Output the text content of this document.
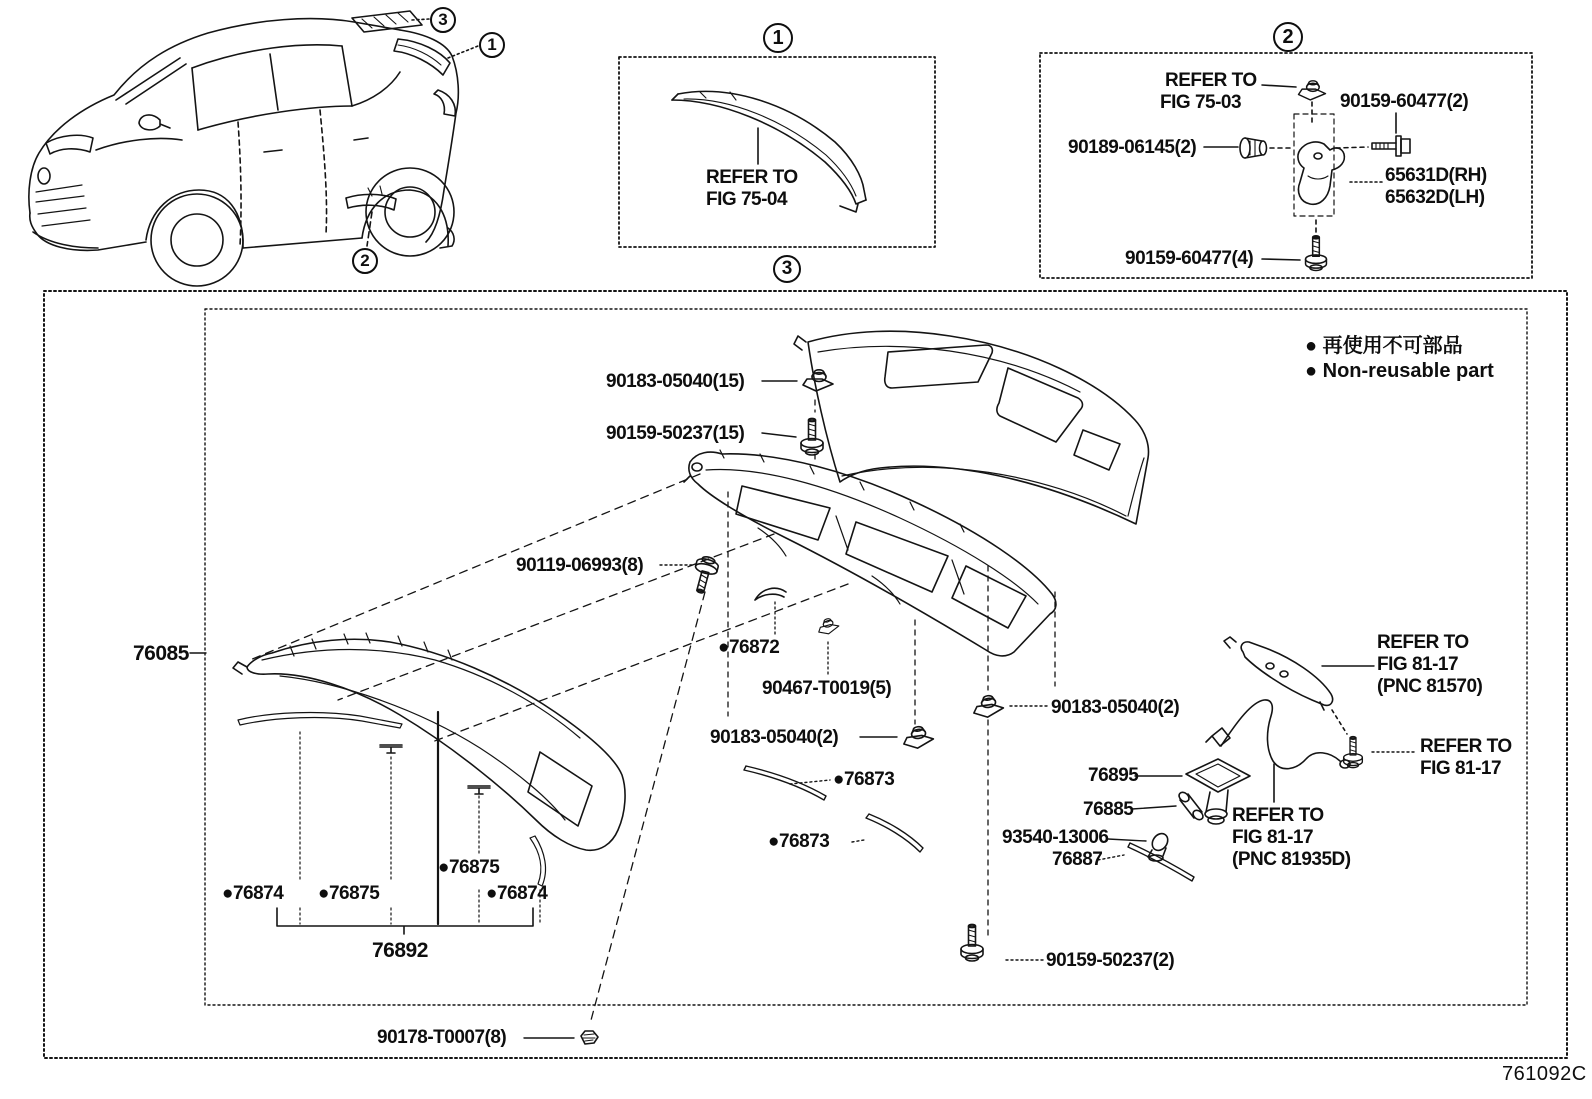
3
1
2
1	2
3
● 再使用不可部品
● Non-reusable part
REFER TO
FIG 75-04
REFER TO
FIG 75-03	90159-60477(2)
90189-06145(2)
65631D(RH)
65632D(LH)
90159-60477(4)
90183-05040(15)
90159-50237(15)
90119-06993(8)
76085	●76872
90467-T0019(5)
90183-05040(2)
90183-05040(2)
●76873
●76873
●76874 ●76875
●76875
●76874
76892
REFER TO
FIG 81-17
(PNC 81570)
REFER TO
FIG 81-17
76895
76885
93540-13006
76887
REFER TO
FIG 81-17
(PNC 81935D)
90159-50237(2)
90178-T0007(8)
761092C
